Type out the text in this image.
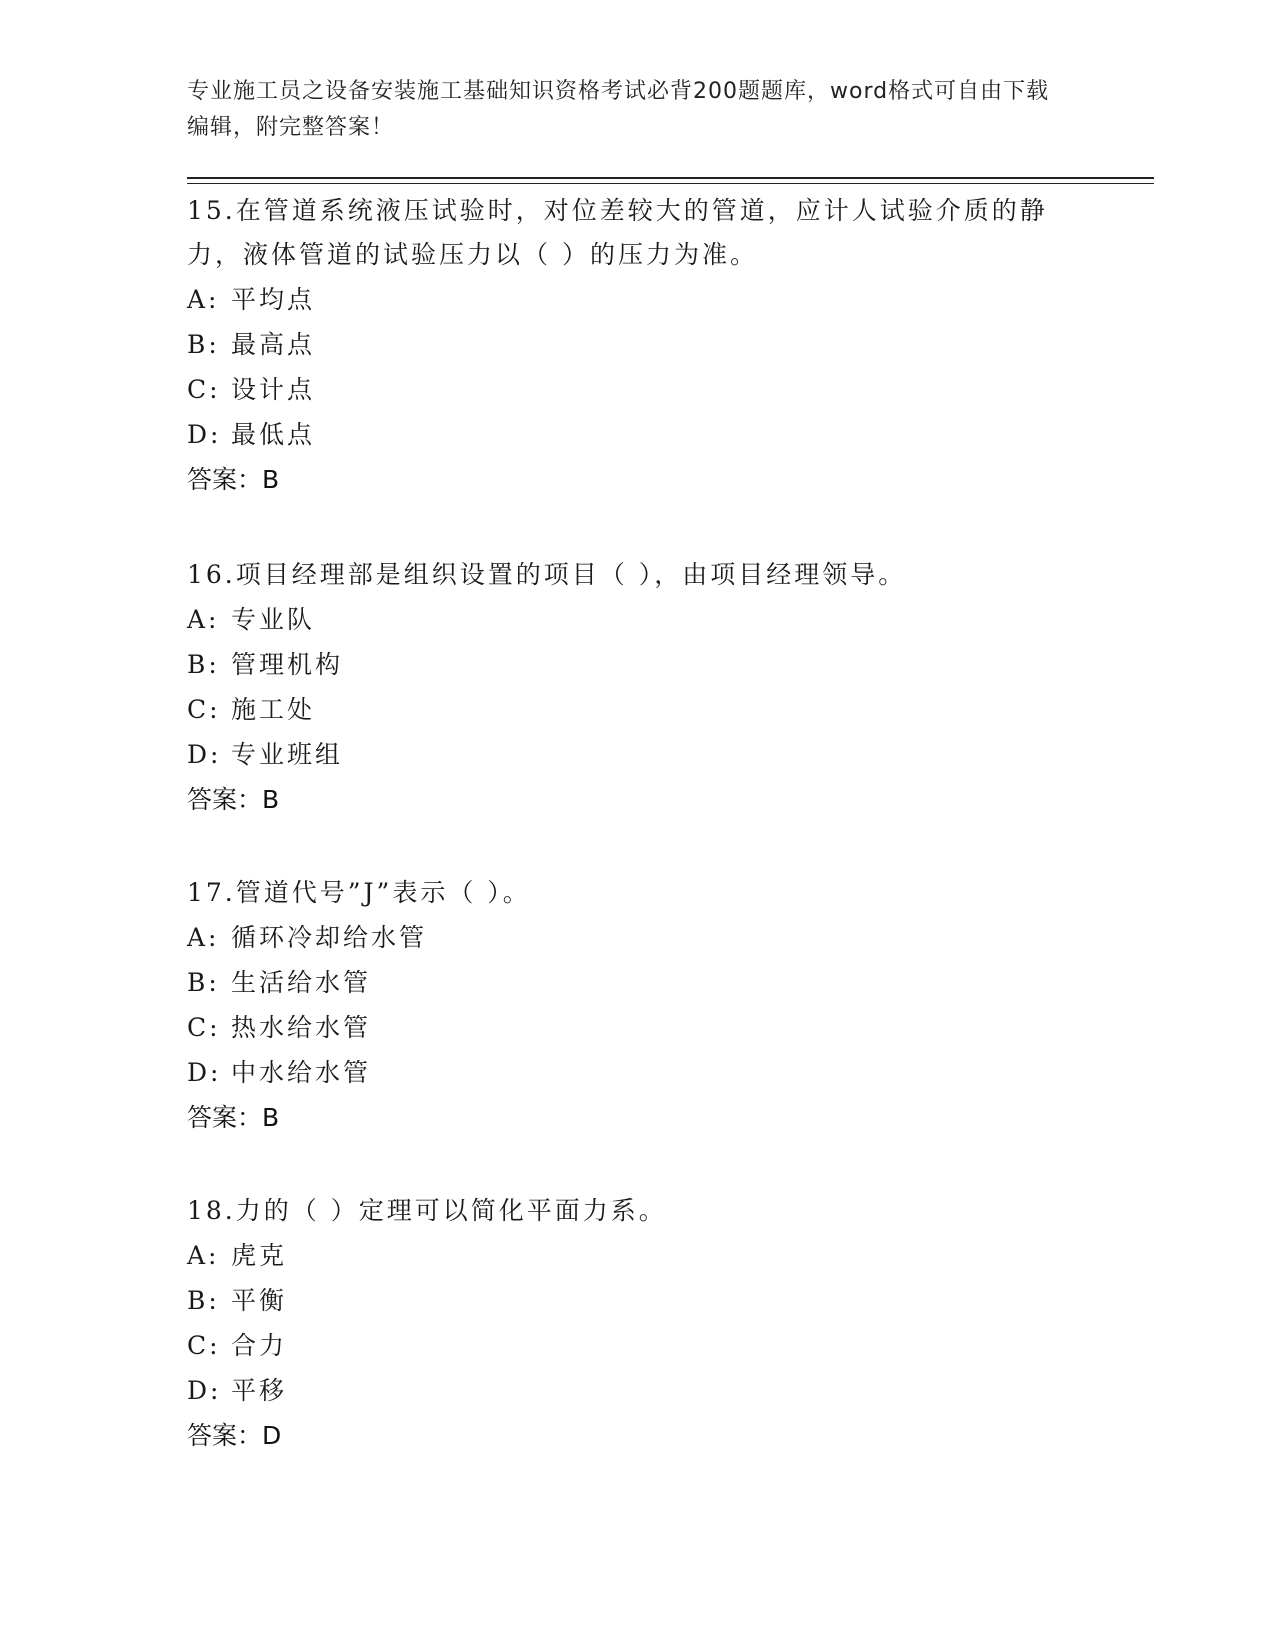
专业施工员之设备安装施工基础知识资格考试必背200题题库，word格式可自由下载编辑，附完整答案！

15.在管道系统液压试验时，对位差较大的管道，应计人试验介质的静力，液体管道的试验压力以（ ）的压力为准。

A: 平均点

B: 最高点

C: 设计点

D: 最低点

答案：B

16.项目经理部是组织设置的项目（ ），由项目经理领导。

A: 专业队

B: 管理机构

C: 施工处

D: 专业班组

答案：B

17.管道代号”J”表示（ ）。

A: 循环冷却给水管

B: 生活给水管

C: 热水给水管

D: 中水给水管

答案：B

18.力的（ ）定理可以简化平面力系。

A: 虎克

B: 平衡

C: 合力

D: 平移

答案：D
